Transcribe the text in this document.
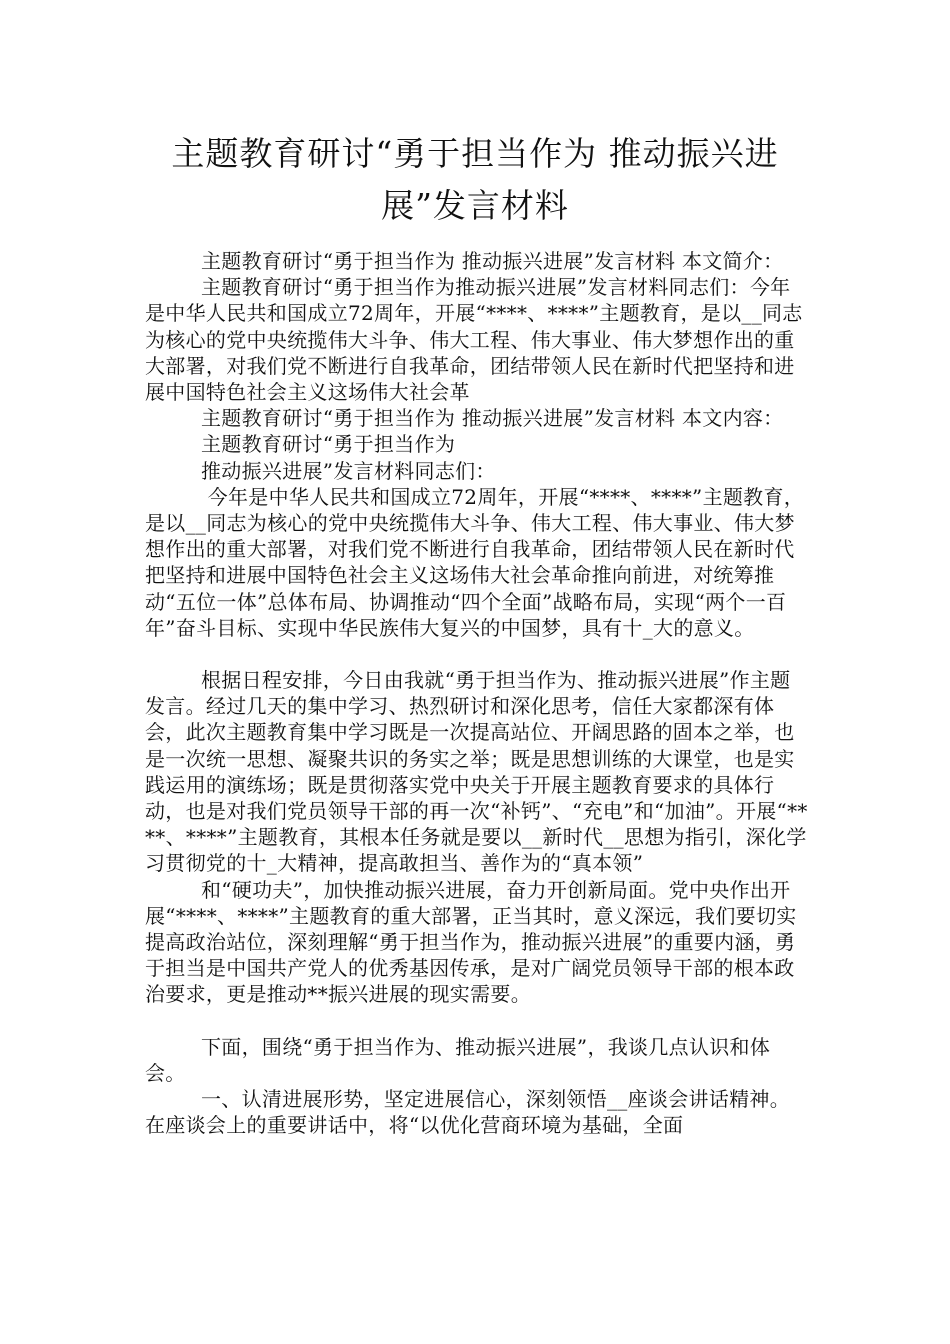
主题教育研讨“勇于担当作为 推动振兴进
展”发言材料

主题教育研讨“勇于担当作为 推动振兴进展”发言材料 本文简介：

主题教育研讨“勇于担当作为推动振兴进展”发言材料同志们：今年是中华人民共和国成立72周年，开展“****、****”主题教育，是以__同志为核心的党中央统揽伟大斗争、伟大工程、伟大事业、伟大梦想作出的重大部署，对我们党不断进行自我革命，团结带领人民在新时代把坚持和进展中国特色社会主义这场伟大社会革

主题教育研讨“勇于担当作为 推动振兴进展”发言材料 本文内容：

主题教育研讨“勇于担当作为

推动振兴进展”发言材料同志们：

今年是中华人民共和国成立72周年，开展“****、****”主题教育，是以__同志为核心的党中央统揽伟大斗争、伟大工程、伟大事业、伟大梦想作出的重大部署，对我们党不断进行自我革命，团结带领人民在新时代把坚持和进展中国特色社会主义这场伟大社会革命推向前进，对统筹推动“五位一体”总体布局、协调推动“四个全面”战略布局，实现“两个一百年”奋斗目标、实现中华民族伟大复兴的中国梦，具有十_大的意义。

根据日程安排，今日由我就“勇于担当作为、推动振兴进展”作主题发言。经过几天的集中学习、热烈研讨和深化思考，信任大家都深有体会，此次主题教育集中学习既是一次提高站位、开阔思路的固本之举，也是一次统一思想、凝聚共识的务实之举；既是思想训练的大课堂，也是实践运用的演练场；既是贯彻落实党中央关于开展主题教育要求的具体行动，也是对我们党员领导干部的再一次“补钙”、“充电”和“加油”。开展“****、****”主题教育，其根本任务就是要以__新时代__思想为指引，深化学习贯彻党的十_大精神，提高敢担当、善作为的“真本领”

和“硬功夫”，加快推动振兴进展，奋力开创新局面。党中央作出开展“****、****”主题教育的重大部署，正当其时，意义深远，我们要切实提高政治站位，深刻理解“勇于担当作为，推动振兴进展”的重要内涵，勇于担当是中国共产党人的优秀基因传承，是对广阔党员领导干部的根本政治要求，更是推动**振兴进展的现实需要。

下面，围绕“勇于担当作为、推动振兴进展”，我谈几点认识和体会。

一、认清进展形势，坚定进展信心，深刻领悟__座谈会讲话精神。在座谈会上的重要讲话中，将“以优化营商环境为基础，全面
